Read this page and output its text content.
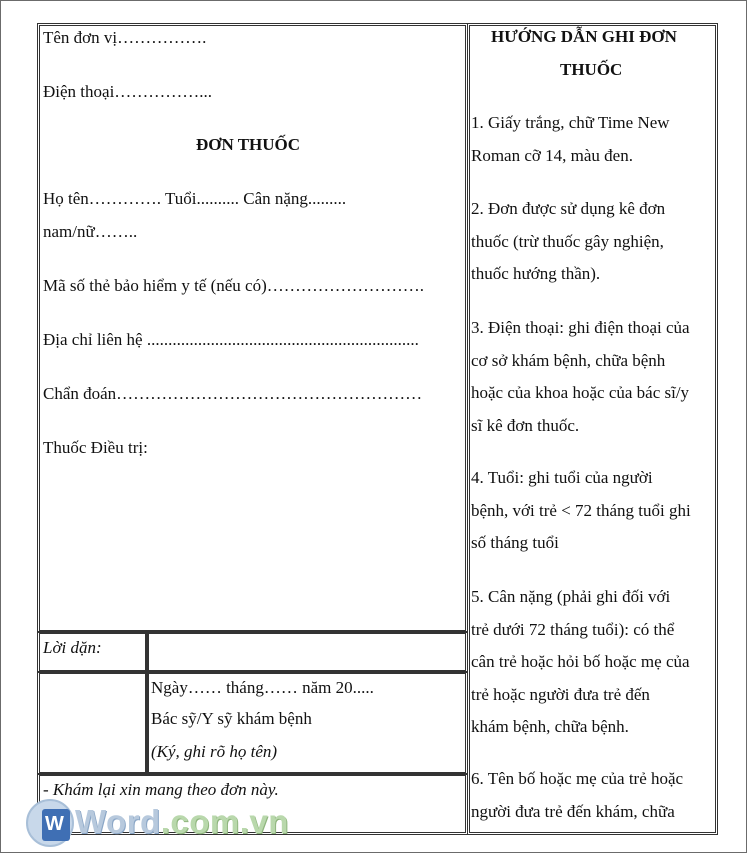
Tên đơn vị…………….
Điện thoại……………...
ĐƠN THUỐC
Họ tên…………. Tuổi.......... Cân nặng.........
nam/nữ……..
Mã số thẻ bảo hiểm y tế (nếu có)……………………….
Địa chỉ liên hệ ................................................................
Chẩn đoán………………………………………………
Thuốc Điều trị:
Lời dặn:
Ngày…… tháng…… năm 20.....
Bác sỹ/Y sỹ khám bệnh
(Ký, ghi rõ họ tên)
- Khám lại xin mang theo đơn này.
HƯỚNG DẪN GHI ĐƠN
THUỐC
1. Giấy trắng, chữ Time New
Roman cỡ 14, màu đen.
2. Đơn được sử dụng kê đơn
thuốc (trừ thuốc gây nghiện,
thuốc hướng thần).
3. Điện thoại: ghi điện thoại của
cơ sở khám bệnh, chữa bệnh
hoặc của khoa hoặc của bác sĩ/y
sĩ kê đơn thuốc.
4. Tuổi: ghi tuổi của người
bệnh, với trẻ < 72 tháng tuổi ghi
số tháng tuổi
5. Cân nặng (phải ghi đối với
trẻ dưới 72 tháng tuổi): có thể
cân trẻ hoặc hỏi bố hoặc mẹ của
trẻ hoặc người đưa trẻ đến
khám bệnh, chữa bệnh.
6. Tên bố hoặc mẹ của trẻ hoặc
người đưa trẻ đến khám, chữa
W Word.com.vn
